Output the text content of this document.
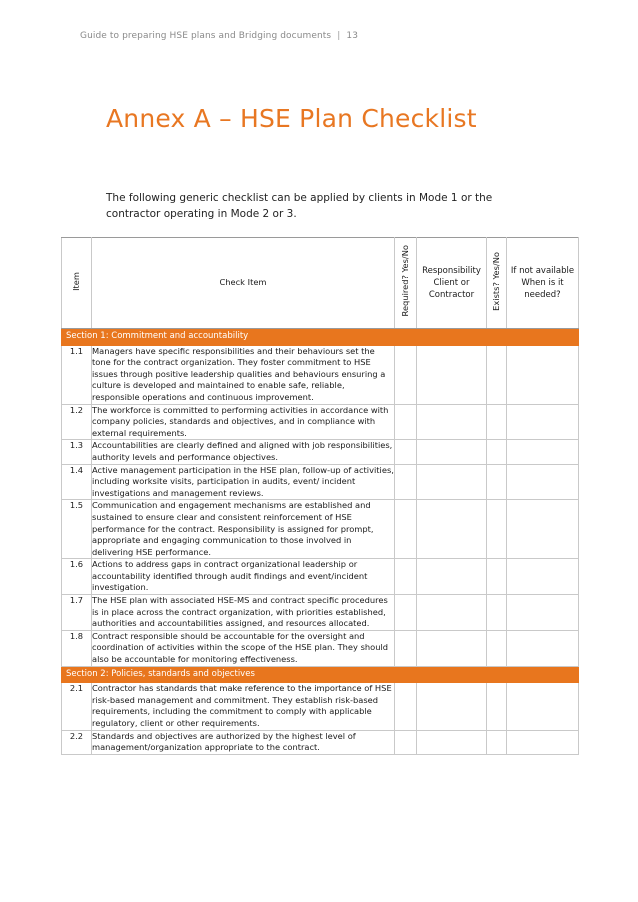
Guide to preparing HSE plans and Bridging documents | 13
Annex A – HSE Plan Checklist
The following generic checklist can be applied by clients in Mode 1 or the contractor operating in Mode 2 or 3.
Item	Check Item	Required? Yes/No	Responsibility Client or Contractor	Exists? Yes/No	If not available When is it needed?
Section 1: Commitment and accountability					
1.1	Managers have specific responsibilities and their behaviours set the tone for the contract organization. They foster commitment to HSE issues through positive leadership qualities and behaviours ensuring a culture is developed and maintained to enable safe, reliable, responsible operations and continuous improvement.				
1.2	The workforce is committed to performing activities in accordance with company policies, standards and objectives, and in compliance with external requirements.				
1.3	Accountabilities are clearly defined and aligned with job responsibilities, authority levels and performance objectives.				
1.4	Active management participation in the HSE plan, follow-up of activities, including worksite visits, participation in audits, event/ incident investigations and management reviews.				
1.5	Communication and engagement mechanisms are established and sustained to ensure clear and consistent reinforcement of HSE performance for the contract. Responsibility is assigned for prompt, appropriate and engaging communication to those involved in delivering HSE performance.				
1.6	Actions to address gaps in contract organizational leadership or accountability identified through audit findings and event/incident investigation.				
1.7	The HSE plan with associated HSE-MS and contract specific procedures is in place across the contract organization, with priorities established, authorities and accountabilities assigned, and resources allocated.				
1.8	Contract responsible should be accountable for the oversight and coordination of activities within the scope of the HSE plan. They should also be accountable for monitoring effectiveness.				
Section 2: Policies, standards and objectives					
2.1	Contractor has standards that make reference to the importance of HSE risk-based management and commitment. They establish risk-based requirements, including the commitment to comply with applicable regulatory, client or other requirements.				
2.2	Standards and objectives are authorized by the highest level of management/organization appropriate to the contract.				
